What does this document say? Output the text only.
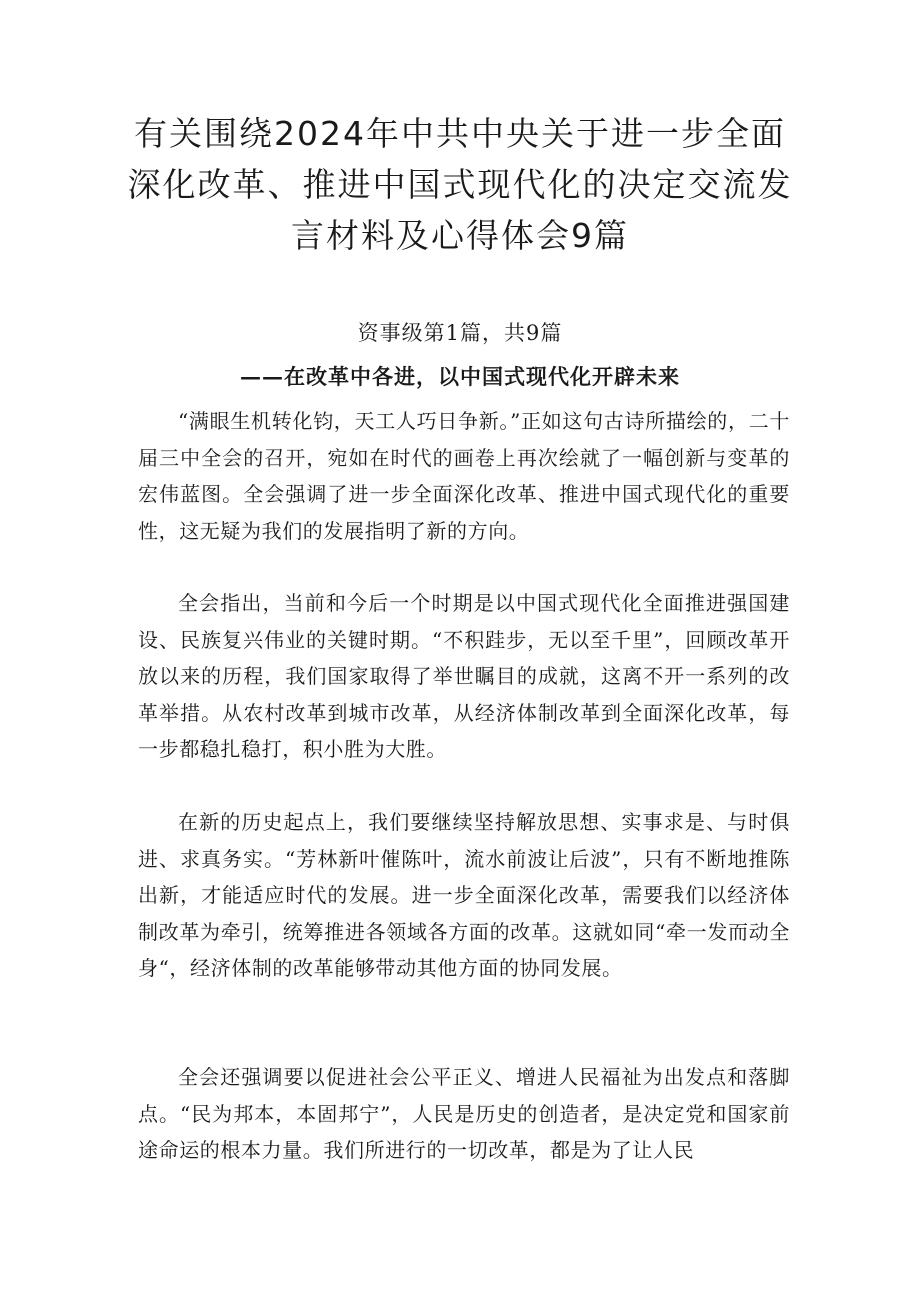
有关围绕2024年中共中央关于进一步全面深化改革、推进中国式现代化的决定交流发言材料及心得体会9篇
资事级第1篇，共9篇
——在改革中各进，以中国式现代化开辟未来

“满眼生机转化钧，天工人巧日争新。”正如这句古诗所描绘的，二十届三中全会的召开，宛如在时代的画卷上再次绘就了一幅创新与变革的宏伟蓝图。全会强调了进一步全面深化改革、推进中国式现代化的重要性，这无疑为我们的发展指明了新的方向。

全会指出，当前和今后一个时期是以中国式现代化全面推进强国建设、民族复兴伟业的关键时期。“不积跬步，无以至千里”，回顾改革开放以来的历程，我们国家取得了举世瞩目的成就，这离不开一系列的改革举措。从农村改革到城市改革，从经济体制改革到全面深化改革，每一步都稳扎稳打，积小胜为大胜。

在新的历史起点上，我们要继续坚持解放思想、实事求是、与时俱进、求真务实。“芳林新叶催陈叶，流水前波让后波”，只有不断地推陈出新，才能适应时代的发展。进一步全面深化改革，需要我们以经济体制改革为牵引，统筹推进各领域各方面的改革。这就如同“牵一发而动全身“，经济体制的改革能够带动其他方面的协同发展。

全会还强调要以促进社会公平正义、增进人民福祉为出发点和落脚点。“民为邦本，本固邦宁”，人民是历史的创造者，是决定党和国家前途命运的根本力量。我们所进行的一切改革，都是为了让人民
